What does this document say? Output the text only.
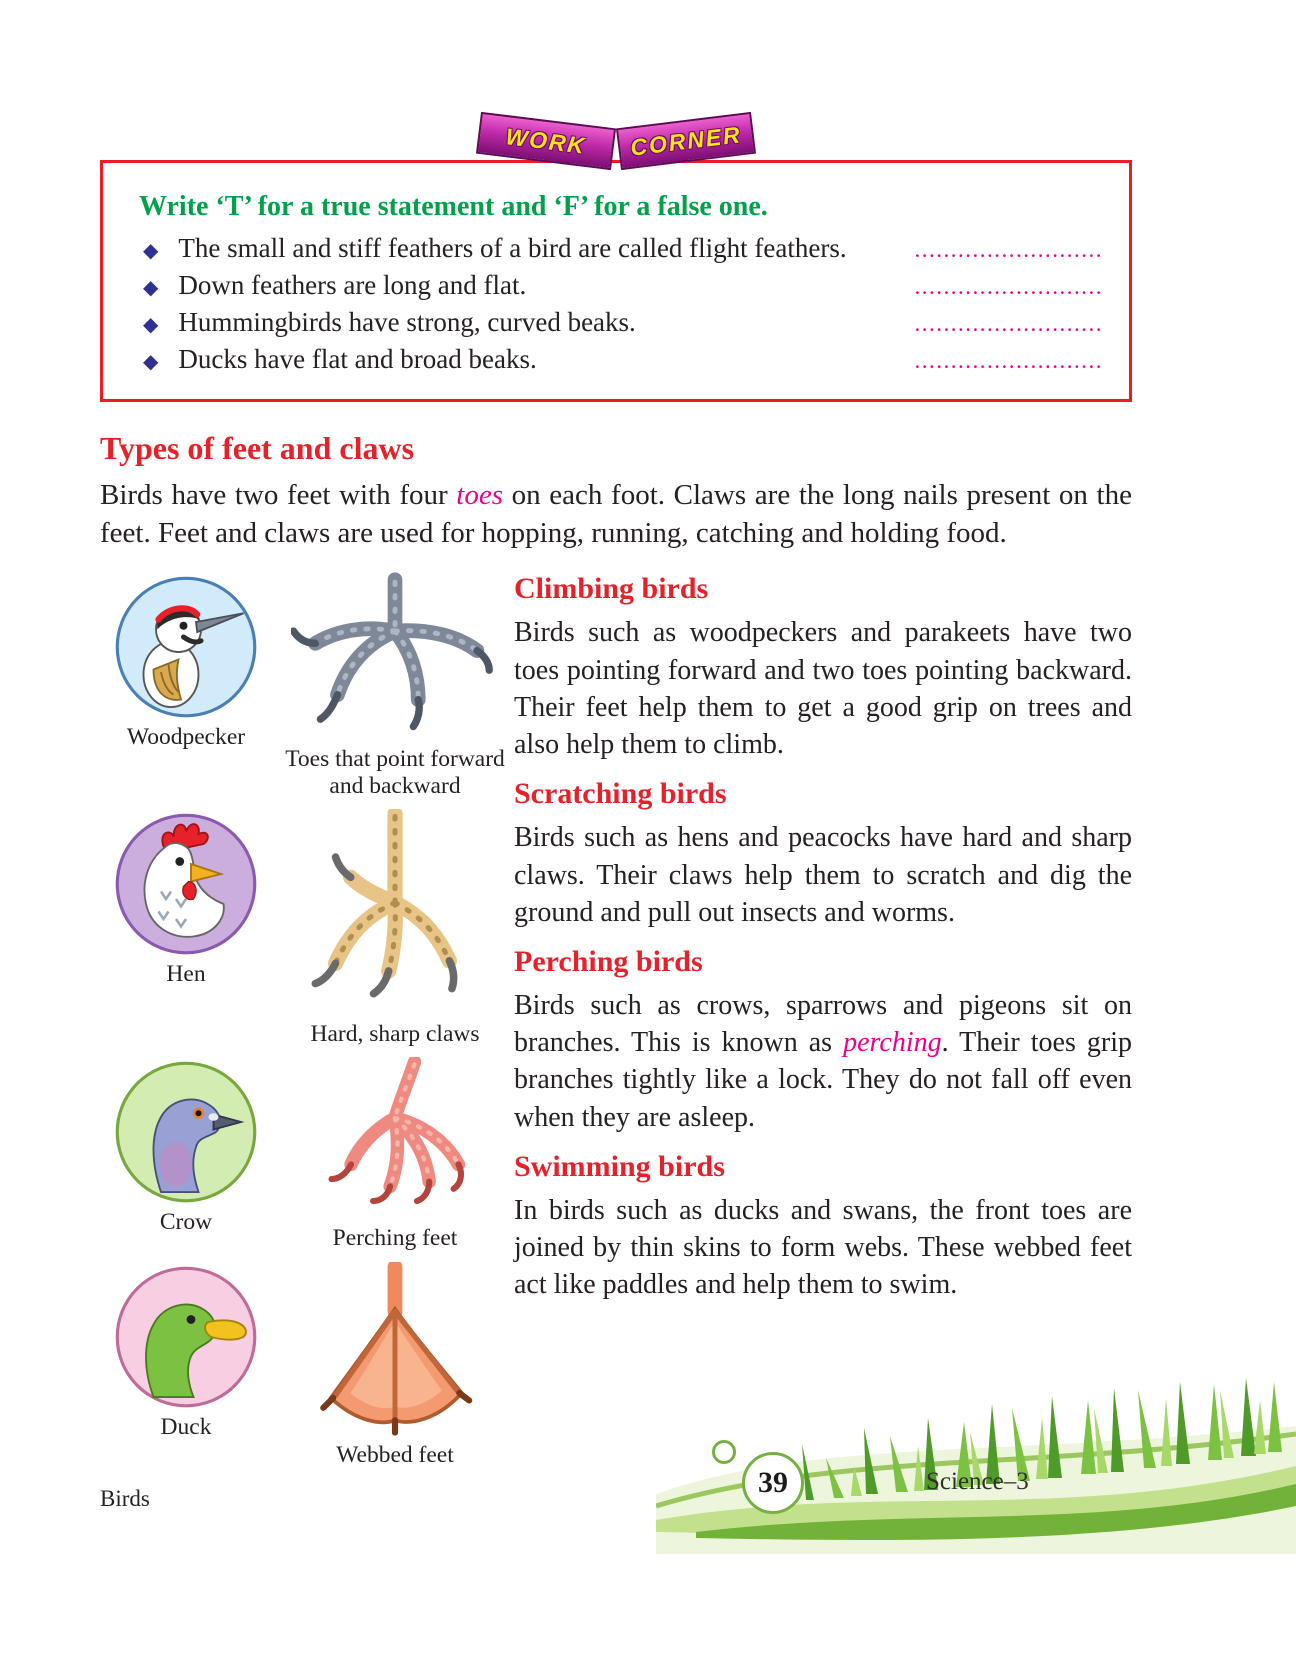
WORK CORNER
Write ‘T’ for a true statement and ‘F’ for a false one.
◆ The small and stiff feathers of a bird are called flight feathers.	..........................
◆ Down feathers are long and flat.	..........................
◆ Hummingbirds have strong, curved beaks.	..........................
◆ Ducks have flat and broad beaks.	..........................
Types of feet and claws

Birds have two feet with four toes on each foot. Claws are the long nails present on the feet. Feet and claws are used for hopping, running, catching and holding food.

Woodpecker
Toes that point forward and backward
Hen
Hard, sharp claws
Crow
Perching feet
Duck
Webbed feet
Climbing birds

Birds such as woodpeckers and parakeets have two toes pointing forward and two toes pointing backward. Their feet help them to get a good grip on trees and also help them to climb.

Scratching birds

Birds such as hens and peacocks have hard and sharp claws. Their claws help them to scratch and dig the ground and pull out insects and worms.

Perching birds

Birds such as crows, sparrows and pigeons sit on branches. This is known as perching. Their toes grip branches tightly like a lock. They do not fall off even when they are asleep.

Swimming birds

In birds such as ducks and swans, the front toes are joined by thin skins to form webs. These webbed feet act like paddles and help them to swim.

39	Science–3
Birds
